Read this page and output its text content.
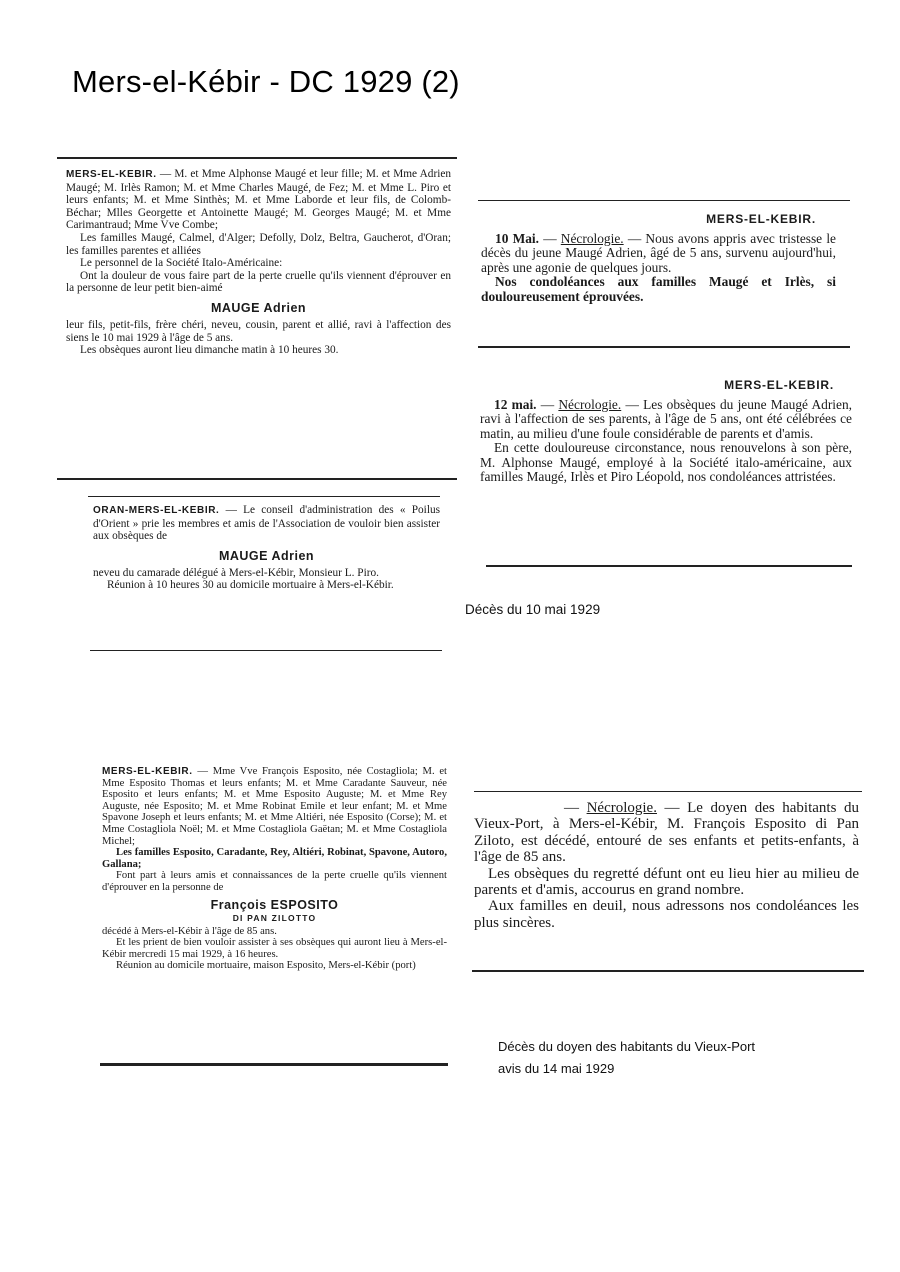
Mers-el-Kébir - DC 1929 (2)

MERS-EL-KEBIR. — M. et Mme Alphonse Maugé et leur fille; M. et Mme Adrien Maugé; M. Irlès Ramon; M. et Mme Charles Maugé, de Fez; M. et Mme L. Piro et leurs enfants; M. et Mme Sinthès; M. et Mme Laborde et leur fils, de Colomb-Béchar; Mlles Georgette et Antoinette Maugé; M. Georges Maugé; M. et Mme Carimantraud; Mme Vve Combe;

Les familles Maugé, Calmel, d'Alger; Defolly, Dolz, Beltra, Gaucherot, d'Oran; les familles parentes et alliées

Le personnel de la Société Italo-Américaine:

Ont la douleur de vous faire part de la perte cruelle qu'ils viennent d'éprouver en la personne de leur petit bien-aimé

MAUGE Adrien

leur fils, petit-fils, frère chéri, neveu, cousin, parent et allié, ravi à l'affection des siens le 10 mai 1929 à l'âge de 5 ans.

Les obsèques auront lieu dimanche matin à 10 heures 30.

ORAN-MERS-EL-KEBIR. — Le conseil d'administration des « Poilus d'Orient » prie les membres et amis de l'Association de vouloir bien assister aux obsèques de

MAUGE Adrien

neveu du camarade délégué à Mers-el-Kébir, Monsieur L. Piro.

Réunion à 10 heures 30 au domicile mortuaire à Mers-el-Kébir.

MERS-EL-KEBIR.

10 Mai. — Nécrologie. — Nous avons appris avec tristesse le décès du jeune Maugé Adrien, âgé de 5 ans, survenu aujourd'hui, après une agonie de quelques jours.

Nos condoléances aux familles Maugé et Irlès, si douloureusement éprouvées.

MERS-EL-KEBIR.

12 mai. — Nécrologie. — Les obsèques du jeune Maugé Adrien, ravi à l'affection de ses parents, à l'âge de 5 ans, ont été célébrées ce matin, au milieu d'une foule considérable de parents et d'amis.

En cette douloureuse circonstance, nous renouvelons à son père, M. Alphonse Maugé, employé à la Société italo-américaine, aux familles Maugé, Irlès et Piro Léopold, nos condoléances attristées.

Décès du 10 mai 1929

MERS-EL-KEBIR. — Mme Vve François Esposito, née Costagliola; M. et Mme Esposito Thomas et leurs enfants; M. et Mme Caradante Sauveur, née Esposito et leurs enfants; M. et Mme Esposito Auguste; M. et Mme Rey Auguste, née Esposito; M. et Mme Robinat Emile et leur enfant; M. et Mme Spavone Joseph et leurs enfants; M. et Mme Altiéri, née Esposito (Corse); M. et Mme Costagliola Noël; M. et Mme Costagliola Gaëtan; M. et Mme Costagliola Michel;

Les familles Esposito, Caradante, Rey, Altiéri, Robinat, Spavone, Autoro, Gallana;

Font part à leurs amis et connaissances de la perte cruelle qu'ils viennent d'éprouver en la personne de

François ESPOSITO
DI PAN ZILOTTO

décédé à Mers-el-Kébir à l'âge de 85 ans.

Et les prient de bien vouloir assister à ses obsèques qui auront lieu à Mers-el-Kébir mercredi 15 mai 1929, à 16 heures.

Réunion au domicile mortuaire, maison Esposito, Mers-el-Kébir (port)

— Nécrologie. — Le doyen des habitants du Vieux-Port, à Mers-el-Kébir, M. François Esposito di Pan Ziloto, est décédé, entouré de ses enfants et petits-enfants, à l'âge de 85 ans.

Les obsèques du regretté défunt ont eu lieu hier au milieu de parents et d'amis, accourus en grand nombre.

Aux familles en deuil, nous adressons nos condoléances les plus sincères.

Décès du doyen des habitants du Vieux-Port
avis du 14 mai 1929
